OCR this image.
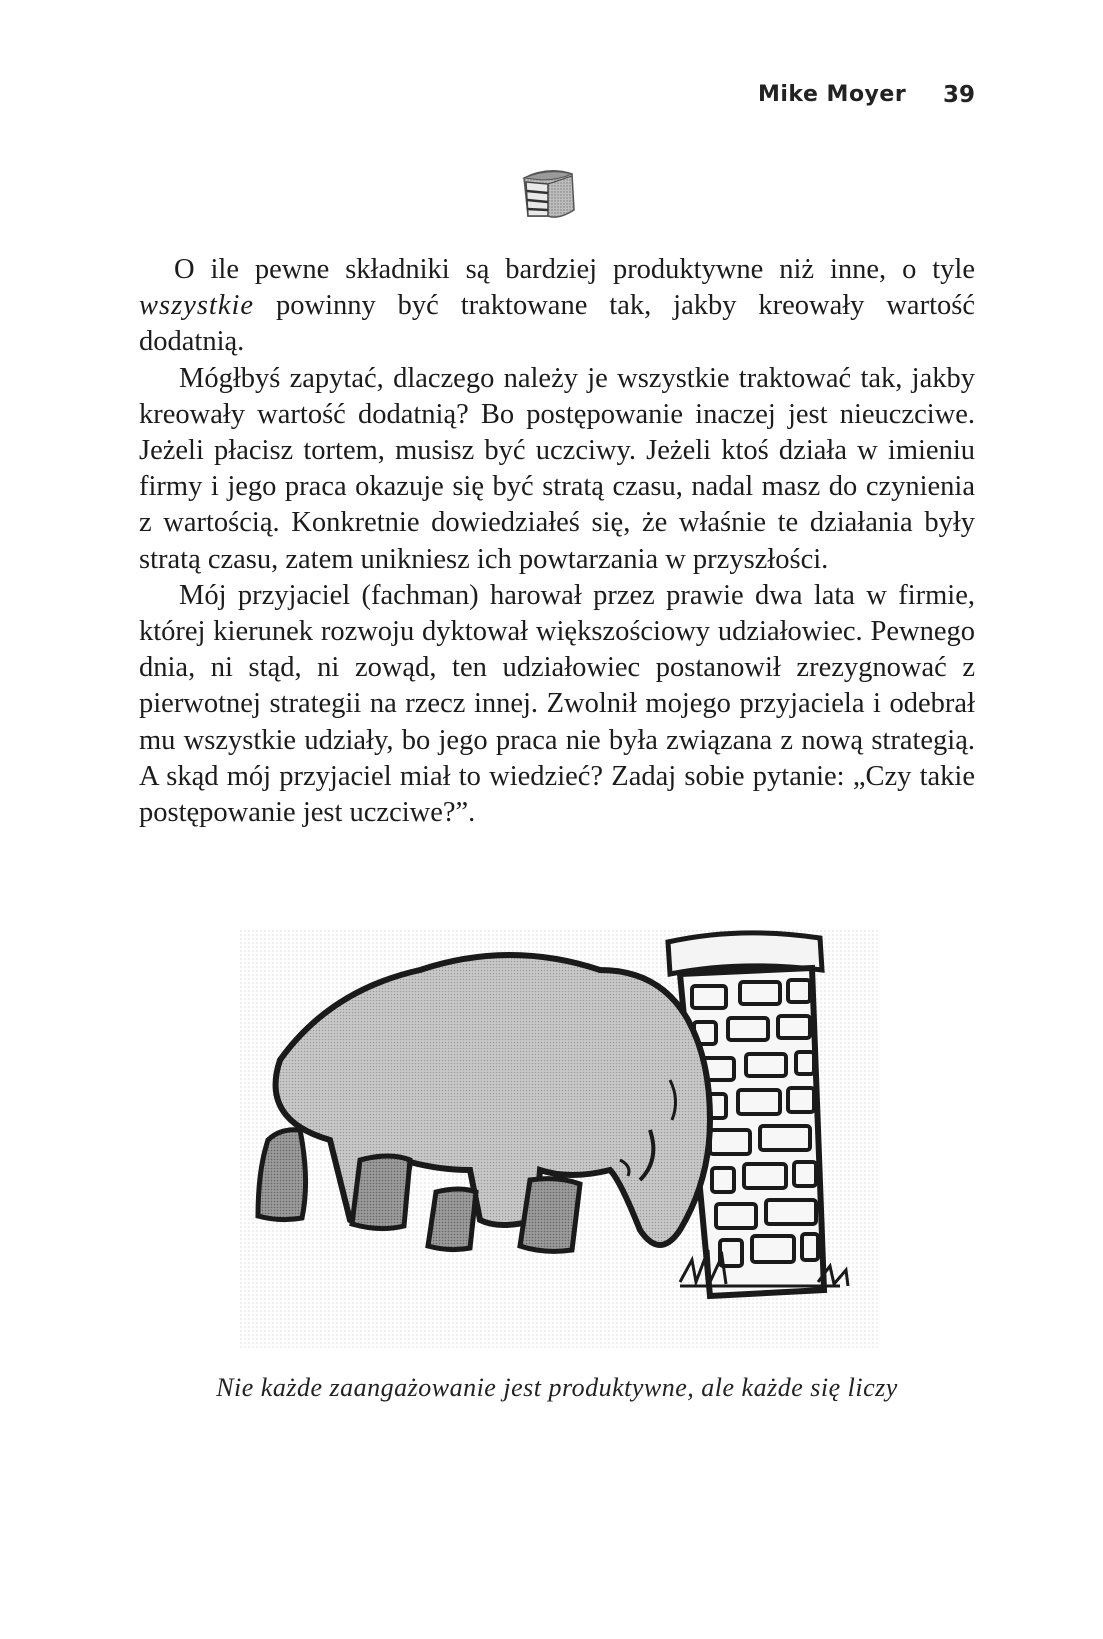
Mike Moyer 39

O ile pewne składniki są bardziej produktywne niż inne, o tyle wszystkie powinny być traktowane tak, jakby kreowały wartość dodatnią.

Mógłbyś zapytać, dlaczego należy je wszystkie traktować tak, jakby kreowały wartość dodatnią? Bo postępowanie inaczej jest nieuczciwe. Jeżeli płacisz tortem, musisz być uczciwy. Jeżeli ktoś działa w imieniu firmy i jego praca okazuje się być stratą czasu, nadal masz do czynienia z wartością. Konkretnie dowiedziałeś się, że właśnie te działania były stratą czasu, zatem unikniesz ich powtarzania w przyszłości.

Mój przyjaciel (fachman) harował przez prawie dwa lata w firmie, której kierunek rozwoju dyktował większościowy udziałowiec. Pewnego dnia, ni stąd, ni zowąd, ten udziałowiec postanowił zrezygnować z pierwotnej strategii na rzecz innej. Zwolnił mojego przyjaciela i odebrał mu wszystkie udziały, bo jego praca nie była związana z nową strategią. A skąd mój przyjaciel miał to wiedzieć? Zadaj sobie pytanie: „Czy takie postępowanie jest uczciwe?”.

Nie każde zaangażowanie jest produktywne, ale każde się liczy
